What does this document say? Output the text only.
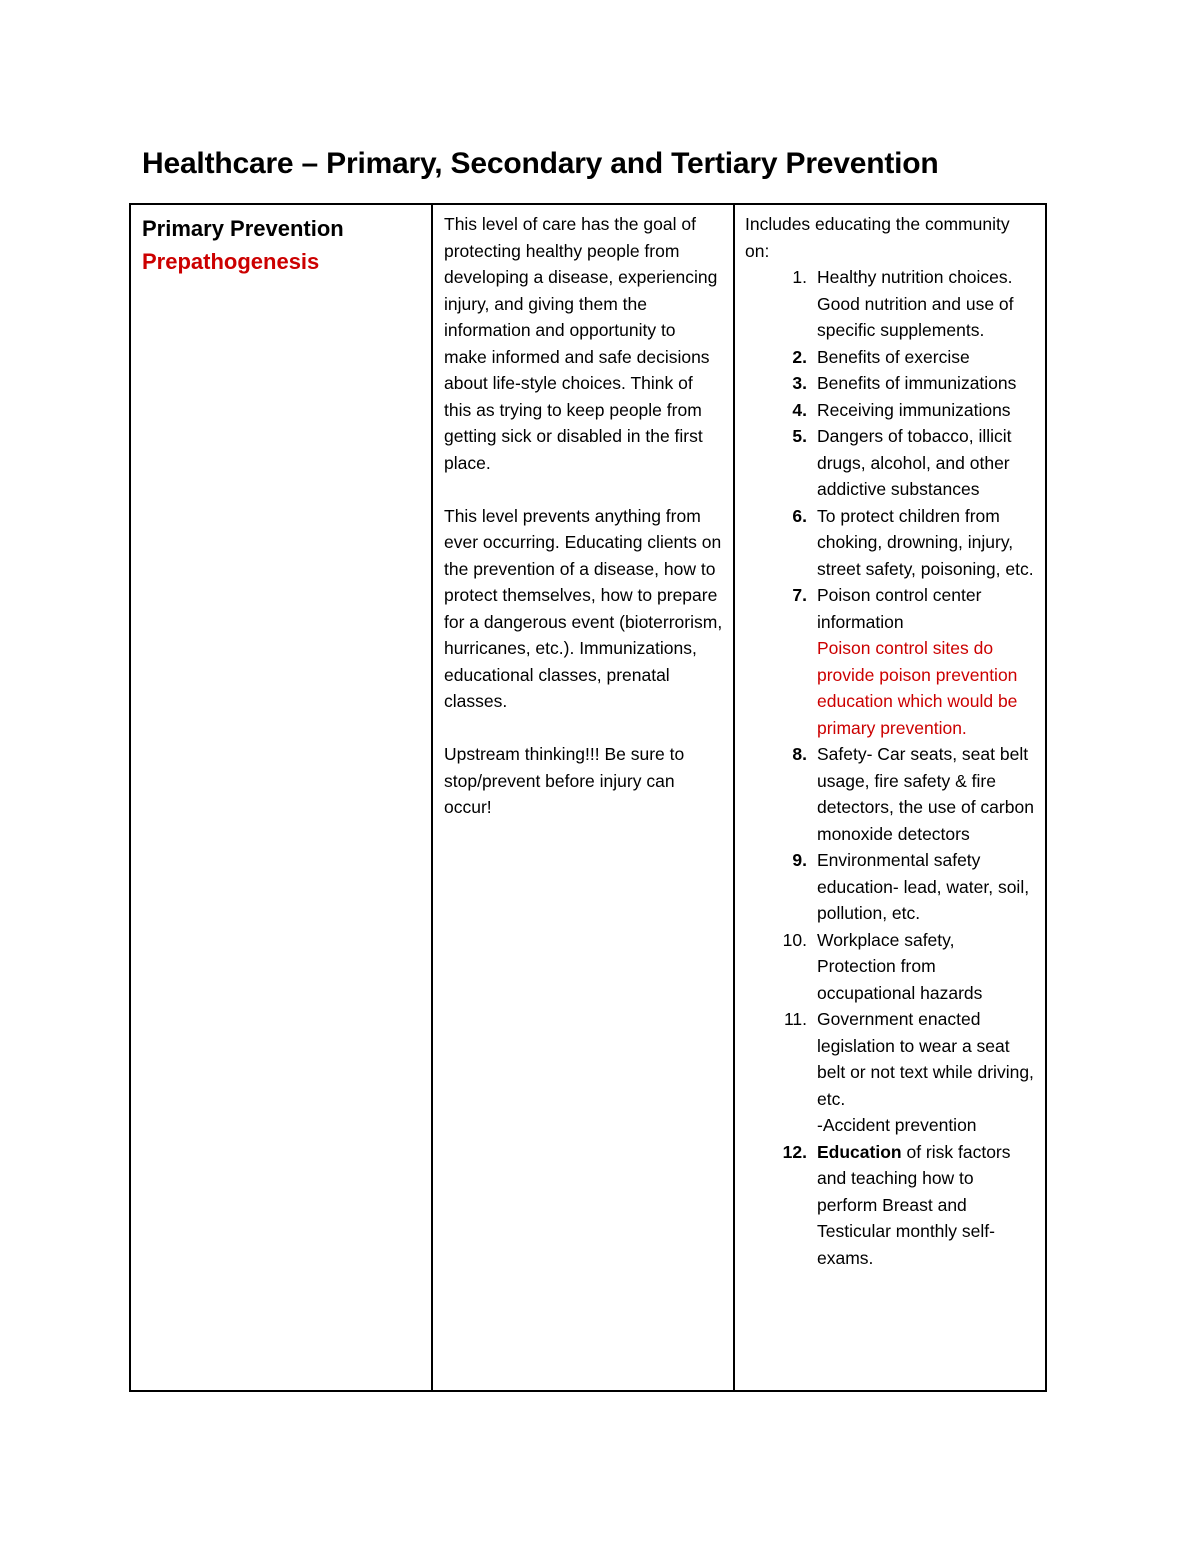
Healthcare – Primary, Secondary and Tertiary Prevention
Primary Prevention
Prepathogenesis

This level of care has the goal of protecting healthy people from developing a disease, experiencing injury, and giving them the information and opportunity to make informed and safe decisions about life-style choices. Think of this as trying to keep people from getting sick or disabled in the first place.

This level prevents anything from ever occurring. Educating clients on the prevention of a disease, how to protect themselves, how to prepare for a dangerous event (bioterrorism, hurricanes, etc.). Immunizations, educational classes, prenatal classes.

Upstream thinking!!! Be sure to stop/prevent before injury can occur!

Includes educating the community on:

1. Healthy nutrition choices. Good nutrition and use of specific supplements.
2. Benefits of exercise
3. Benefits of immunizations
4. Receiving immunizations
5. Dangers of tobacco, illicit drugs, alcohol, and other addictive substances
6. To protect children from choking, drowning, injury, street safety, poisoning, etc.
7. Poison control center information
Poison control sites do provide poison prevention education which would be primary prevention.
8. Safety- Car seats, seat belt usage, fire safety & fire detectors, the use of carbon monoxide detectors
9. Environmental safety education- lead, water, soil, pollution, etc.
10. Workplace safety, Protection from occupational hazards
11. Government enacted legislation to wear a seat belt or not text while driving, etc.
-Accident prevention
12. Education of risk factors and teaching how to perform Breast and Testicular monthly self-exams.
